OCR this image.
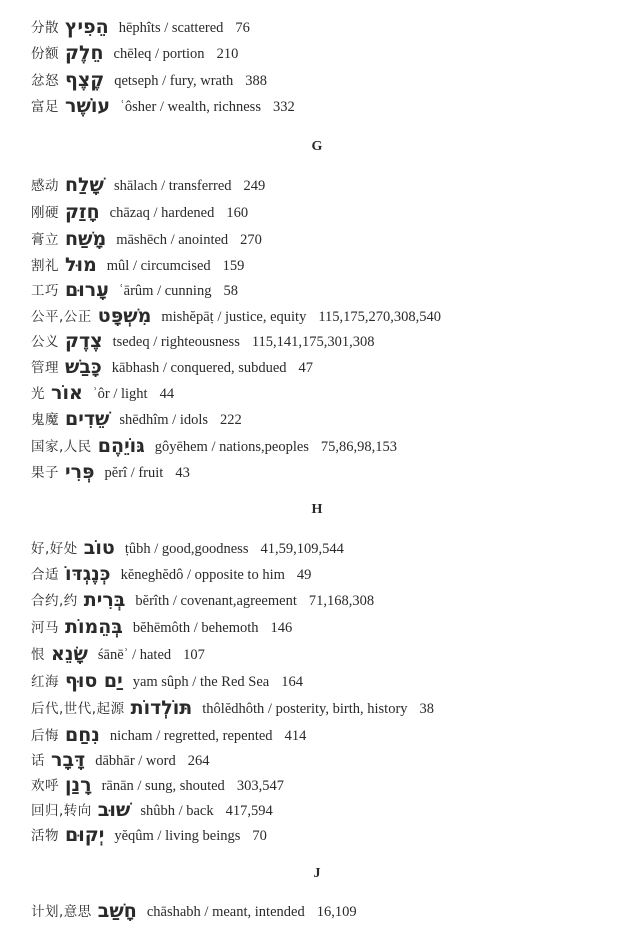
分散 הֵפִיץ hēphîts / scattered 76
份额 חֵלֶק chēleq / portion 210
忿怒 קֶצֶף qetseph / fury, wrath 388
富足 עוֹשֶׁר ʿôsher / wealth, richness 332
G
感动 שָׁלַח shālach / transferred 249
刚硬 חָזַק chāzaq / hardened 160
膏立 מָשַׁח māshēch / anointed 270
割礼 מוּל mûl / circumcised 159
工巧 עָרוּם ʿārûm / cunning 58
公平,公正 מִשְׁפָּט mishĕpāṭ / justice, equity 115,175,270,308,540
公义 צֶדֶק tsedeq / righteousness 115,141,175,301,308
管理 כָּבַשׁ kābhash / conquered, subdued 47
光 אוֹר ʾôr / light 44
鬼魔 שֵׁדִים shēdhîm / idols 222
国家,人民 גּוֹיֵהֶם gôyēhem / nations,peoples 75,86,98,153
果子 פְּרִי pĕrî / fruit 43
H
好,好处 טוֹב ṭûbh / good,goodness 41,59,109,544
合适 כְּנֶגְדּוֹ kĕneghĕdô / opposite to him 49
合约,约 בְּרִית bĕrîth / covenant,agreement 71,168,308
河马 בְּהֵמוֹת bĕhēmôth / behemoth 146
恨 שָׂנֵא śānēʾ / hated 107
红海 יַם סוּף yam sûph / the Red Sea 164
后代,世代,起源 תּוֹלְדוֹת thôlĕdhôth / posterity, birth, history 38
后悔 נִחַם nicham / regretted, repented 414
话 דָּבָר dābhār / word 264
欢呼 רָנַן rānān / sung, shouted 303,547
回归,转向 שׁוּב shûbh / back 417,594
活物 יְקוּם yĕqûm / living beings 70
J
计划,意思 חָשַׁב chāshabh / meant, intended 16,109
